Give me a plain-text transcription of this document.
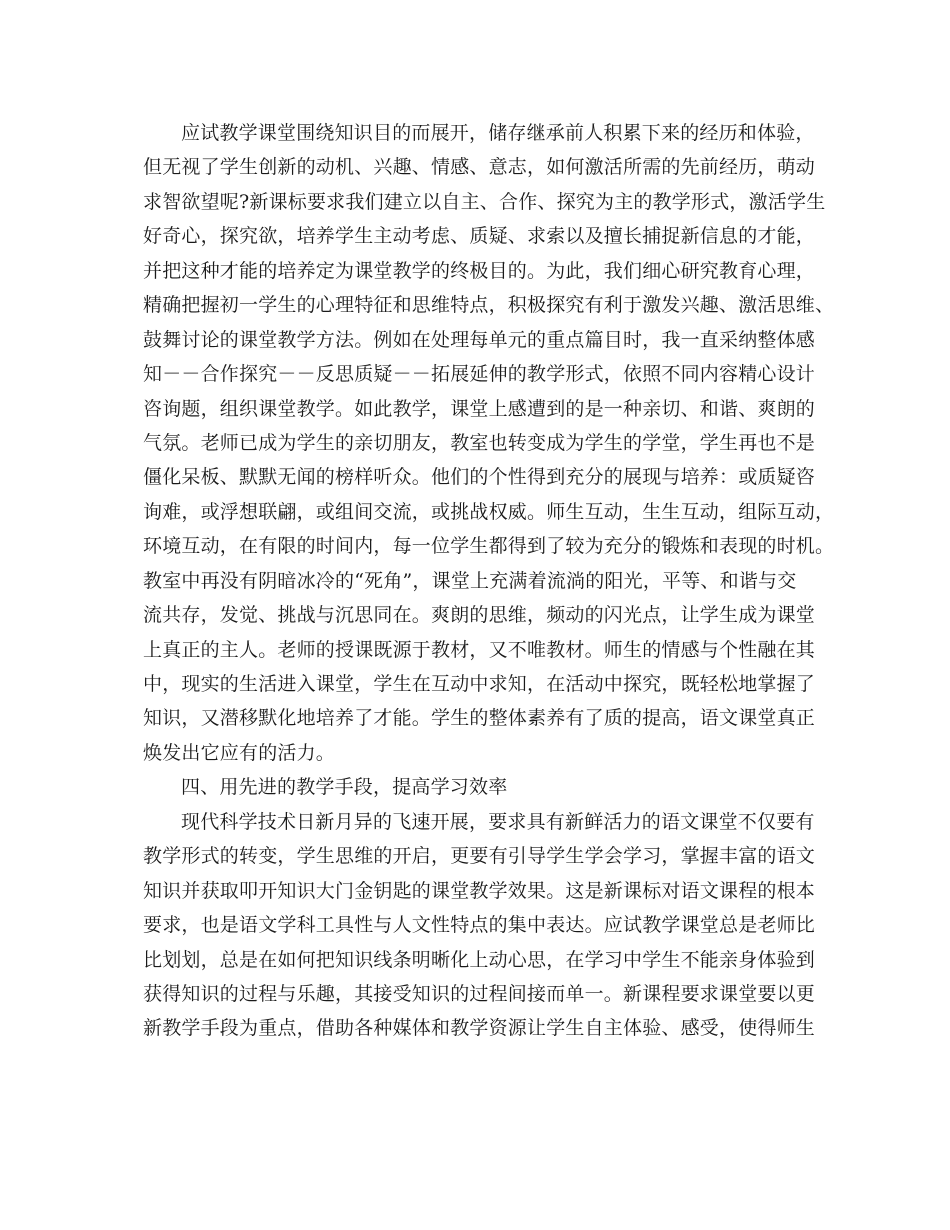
应试教学课堂围绕知识目的而展开，储存继承前人积累下来的经历和体验，
但无视了学生创新的动机、兴趣、情感、意志，如何激活所需的先前经历，萌动
求智欲望呢?新课标要求我们建立以自主、合作、探究为主的教学形式，激活学生
好奇心，探究欲，培养学生主动考虑、质疑、求索以及擅长捕捉新信息的才能，
并把这种才能的培养定为课堂教学的终极目的。为此，我们细心研究教育心理，
精确把握初一学生的心理特征和思维特点，积极探究有利于激发兴趣、激活思维、
鼓舞讨论的课堂教学方法。例如在处理每单元的重点篇目时，我一直采纳整体感
知－－合作探究－－反思质疑－－拓展延伸的教学形式，依照不同内容精心设计
咨询题，组织课堂教学。如此教学，课堂上感遭到的是一种亲切、和谐、爽朗的
气氛。老师已成为学生的亲切朋友，教室也转变成为学生的学堂，学生再也不是
僵化呆板、默默无闻的榜样听众。他们的个性得到充分的展现与培养：或质疑咨
询难，或浮想联翩，或组间交流，或挑战权威。师生互动，生生互动，组际互动，
环境互动，在有限的时间内，每一位学生都得到了较为充分的锻炼和表现的时机。
教室中再没有阴暗冰冷的“死角”，课堂上充满着流淌的阳光，平等、和谐与交
流共存，发觉、挑战与沉思同在。爽朗的思维，频动的闪光点，让学生成为课堂
上真正的主人。老师的授课既源于教材，又不唯教材。师生的情感与个性融在其
中，现实的生活进入课堂，学生在互动中求知，在活动中探究，既轻松地掌握了
知识，又潜移默化地培养了才能。学生的整体素养有了质的提高，语文课堂真正
焕发出它应有的活力。
四、用先进的教学手段，提高学习效率
现代科学技术日新月异的飞速开展，要求具有新鲜活力的语文课堂不仅要有
教学形式的转变，学生思维的开启，更要有引导学生学会学习，掌握丰富的语文
知识并获取叩开知识大门金钥匙的课堂教学效果。这是新课标对语文课程的根本
要求，也是语文学科工具性与人文性特点的集中表达。应试教学课堂总是老师比
比划划，总是在如何把知识线条明晰化上动心思，在学习中学生不能亲身体验到
获得知识的过程与乐趣，其接受知识的过程间接而单一。新课程要求课堂要以更
新教学手段为重点，借助各种媒体和教学资源让学生自主体验、感受，使得师生
